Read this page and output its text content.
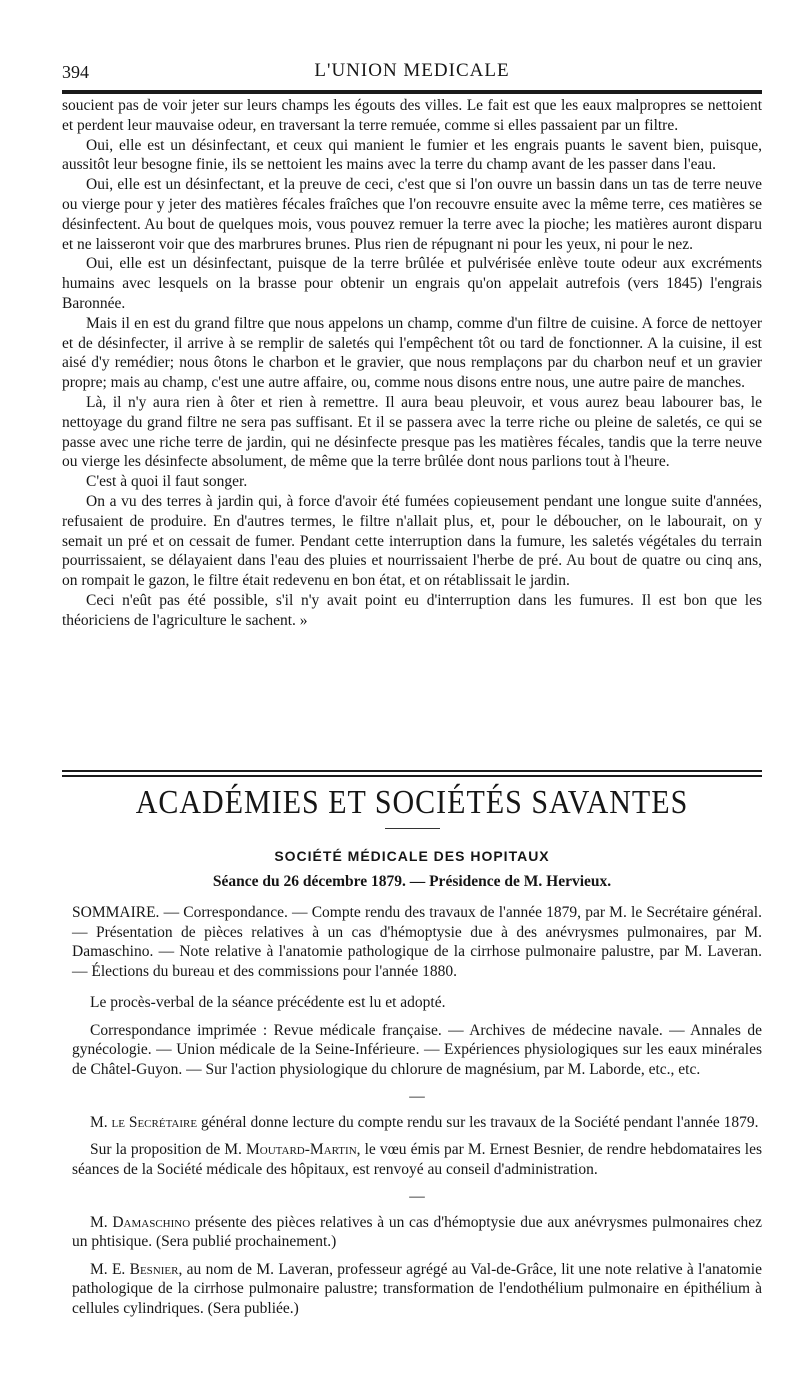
394	L'UNION MEDICALE

soucient pas de voir jeter sur leurs champs les égouts des villes. Le fait est que les eaux malpropres se nettoient et perdent leur mauvaise odeur, en traversant la terre remuée, comme si elles passaient par un filtre.

Oui, elle est un désinfectant, et ceux qui manient le fumier et les engrais puants le savent bien, puisque, aussitôt leur besogne finie, ils se nettoient les mains avec la terre du champ avant de les passer dans l'eau.

Oui, elle est un désinfectant, et la preuve de ceci, c'est que si l'on ouvre un bassin dans un tas de terre neuve ou vierge pour y jeter des matières fécales fraîches que l'on recouvre ensuite avec la même terre, ces matières se désinfectent. Au bout de quelques mois, vous pouvez remuer la terre avec la pioche; les matières auront disparu et ne laisseront voir que des marbrures brunes. Plus rien de répugnant ni pour les yeux, ni pour le nez.

Oui, elle est un désinfectant, puisque de la terre brûlée et pulvérisée enlève toute odeur aux excréments humains avec lesquels on la brasse pour obtenir un engrais qu'on appelait autrefois (vers 1845) l'engrais Baronnée.

Mais il en est du grand filtre que nous appelons un champ, comme d'un filtre de cuisine. A force de nettoyer et de désinfecter, il arrive à se remplir de saletés qui l'empêchent tôt ou tard de fonctionner. A la cuisine, il est aisé d'y remédier; nous ôtons le charbon et le gravier, que nous remplaçons par du charbon neuf et un gravier propre; mais au champ, c'est une autre affaire, ou, comme nous disons entre nous, une autre paire de manches.

Là, il n'y aura rien à ôter et rien à remettre. Il aura beau pleuvoir, et vous aurez beau labourer bas, le nettoyage du grand filtre ne sera pas suffisant. Et il se passera avec la terre riche ou pleine de saletés, ce qui se passe avec une riche terre de jardin, qui ne désinfecte presque pas les matières fécales, tandis que la terre neuve ou vierge les désinfecte absolument, de même que la terre brûlée dont nous parlions tout à l'heure.

C'est à quoi il faut songer.

On a vu des terres à jardin qui, à force d'avoir été fumées copieusement pendant une longue suite d'années, refusaient de produire. En d'autres termes, le filtre n'allait plus, et, pour le déboucher, on le labourait, on y semait un pré et on cessait de fumer. Pendant cette interruption dans la fumure, les saletés végétales du terrain pourrissaient, se délayaient dans l'eau des pluies et nourrissaient l'herbe de pré. Au bout de quatre ou cinq ans, on rompait le gazon, le filtre était redevenu en bon état, et on rétablissait le jardin.

Ceci n'eût pas été possible, s'il n'y avait point eu d'interruption dans les fumures. Il est bon que les théoriciens de l'agriculture le sachent. »

ACADÉMIES ET SOCIÉTÉS SAVANTES
SOCIÉTÉ MÉDICALE DES HOPITAUX
Séance du 26 décembre 1879. — Présidence de M. Hervieux.

SOMMAIRE. — Correspondance. — Compte rendu des travaux de l'année 1879, par M. le Secrétaire général. — Présentation de pièces relatives à un cas d'hémoptysie due à des anévrysmes pulmonaires, par M. Damaschino. — Note relative à l'anatomie pathologique de la cirrhose pulmonaire palustre, par M. Laveran. — Élections du bureau et des commissions pour l'année 1880.

Le procès-verbal de la séance précédente est lu et adopté.

Correspondance imprimée : Revue médicale française. — Archives de médecine navale. — Annales de gynécologie. — Union médicale de la Seine-Inférieure. — Expériences physiologiques sur les eaux minérales de Châtel-Guyon. — Sur l'action physiologique du chlorure de magnésium, par M. Laborde, etc., etc.

—

M. le Secrétaire général donne lecture du compte rendu sur les travaux de la Société pendant l'année 1879.

Sur la proposition de M. Moutard-Martin, le vœu émis par M. Ernest Besnier, de rendre hebdomataires les séances de la Société médicale des hôpitaux, est renvoyé au conseil d'administration.

—

M. Damaschino présente des pièces relatives à un cas d'hémoptysie due aux anévrysmes pulmonaires chez un phtisique. (Sera publié prochainement.)

M. E. Besnier, au nom de M. Laveran, professeur agrégé au Val-de-Grâce, lit une note relative à l'anatomie pathologique de la cirrhose pulmonaire palustre; transformation de l'endothélium pulmonaire en épithélium à cellules cylindriques. (Sera publiée.)
